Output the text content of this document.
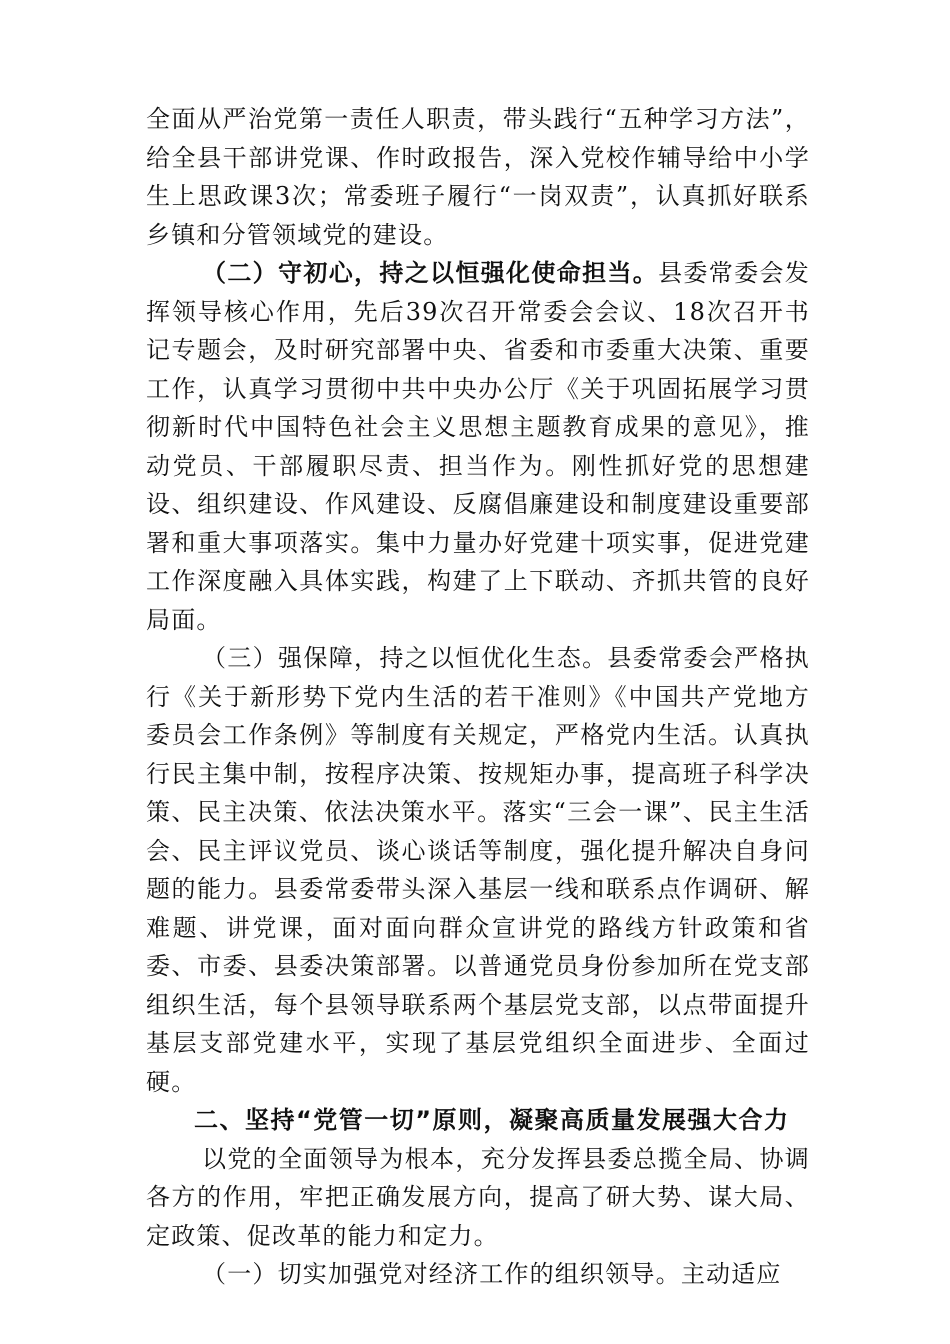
全面从严治党第一责任人职责，带头践行“五种学习方法”，给全县干部讲党课、作时政报告，深入党校作辅导给中小学生上思政课3次；常委班子履行“一岗双责”，认真抓好联系乡镇和分管领域党的建设。

（二）守初心，持之以恒强化使命担当。县委常委会发挥领导核心作用，先后39次召开常委会会议、18次召开书记专题会，及时研究部署中央、省委和市委重大决策、重要工作，认真学习贯彻中共中央办公厅《关于巩固拓展学习贯彻新时代中国特色社会主义思想主题教育成果的意见》，推动党员、干部履职尽责、担当作为。刚性抓好党的思想建设、组织建设、作风建设、反腐倡廉建设和制度建设重要部署和重大事项落实。集中力量办好党建十项实事，促进党建工作深度融入具体实践，构建了上下联动、齐抓共管的良好局面。

（三）强保障，持之以恒优化生态。县委常委会严格执行《关于新形势下党内生活的若干准则》《中国共产党地方委员会工作条例》等制度有关规定，严格党内生活。认真执行民主集中制，按程序决策、按规矩办事，提高班子科学决策、民主决策、依法决策水平。落实“三会一课”、民主生活会、民主评议党员、谈心谈话等制度，强化提升解决自身问题的能力。县委常委带头深入基层一线和联系点作调研、解难题、讲党课，面对面向群众宣讲党的路线方针政策和省委、市委、县委决策部署。以普通党员身份参加所在党支部组织生活，每个县领导联系两个基层党支部，以点带面提升基层支部党建水平，实现了基层党组织全面进步、全面过硬。

二、坚持“党管一切”原则，凝聚高质量发展强大合力

以党的全面领导为根本，充分发挥县委总揽全局、协调各方的作用，牢把正确发展方向，提高了研大势、谋大局、定政策、促改革的能力和定力。

（一）切实加强党对经济工作的组织领导。主动适应
